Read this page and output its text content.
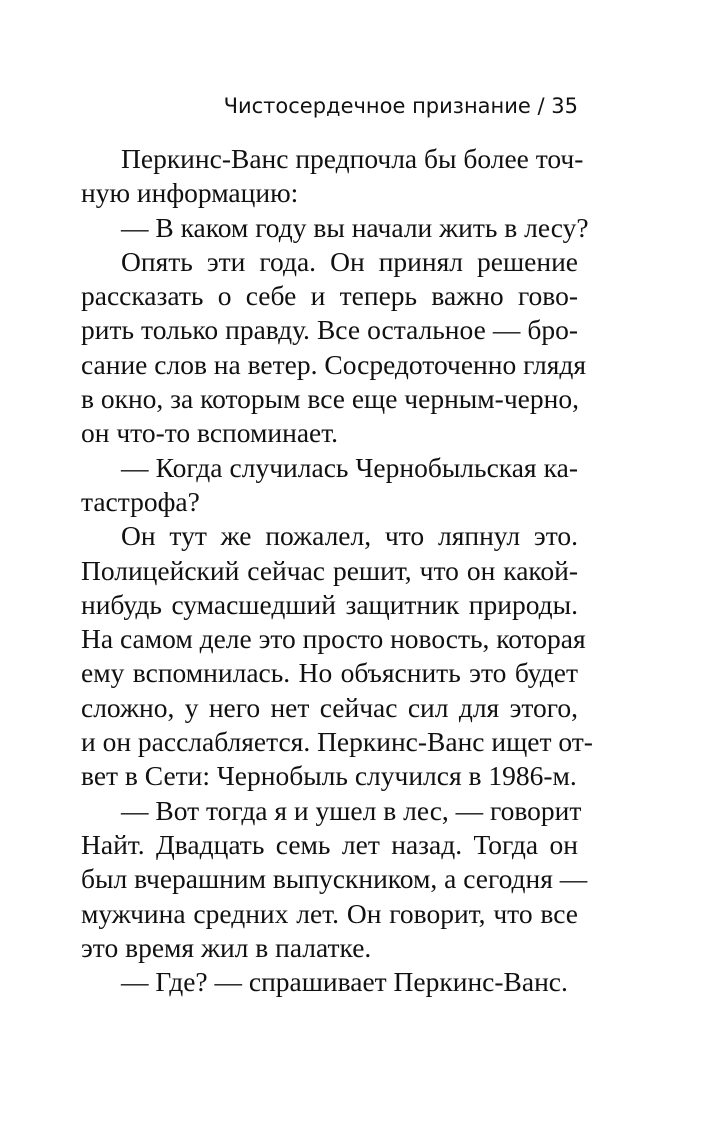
Чистосердечное признание / 35
Перкинс-Ванс предпочла бы более точ-
ную информацию:
— В каком году вы начали жить в лесу?
Опять эти года. Он принял решение
рассказать о себе и теперь важно гово-
рить только правду. Все остальное — бро-
сание слов на ветер. Сосредоточенно глядя
в окно, за которым все еще черным-черно,
он что-то вспоминает.
— Когда случилась Чернобыльская ка-
тастрофа?
Он тут же пожалел, что ляпнул это.
Полицейский сейчас решит, что он какой-
нибудь сумасшедший защитник природы.
На самом деле это просто новость, которая
ему вспомнилась. Но объяснить это будет
сложно, у него нет сейчас сил для этого,
и он расслабляется. Перкинс-Ванс ищет от-
вет в Сети: Чернобыль случился в 1986-м.
— Вот тогда я и ушел в лес, — говорит
Найт. Двадцать семь лет назад. Тогда он
был вчерашним выпускником, а сегодня —
мужчина средних лет. Он говорит, что все
это время жил в палатке.
— Где? — спрашивает Перкинс-Ванс.
